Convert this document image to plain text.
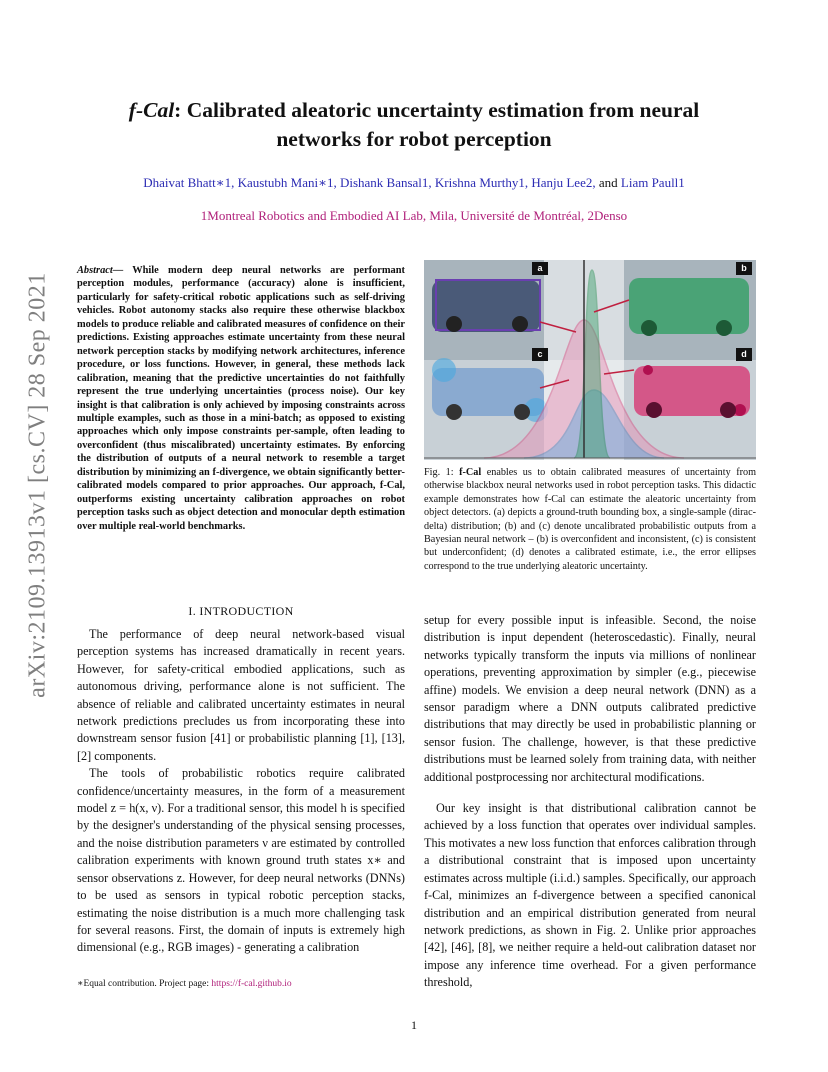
arXiv:2109.13913v1 [cs.CV] 28 Sep 2021
f-Cal: Calibrated aleatoric uncertainty estimation from neural networks for robot perception
Dhaivat Bhatt∗1, Kaustubh Mani∗1, Dishank Bansal1, Krishna Murthy1, Hanju Lee2, and Liam Paull1
1Montreal Robotics and Embodied AI Lab, Mila, Université de Montréal, 2Denso
Abstract— While modern deep neural networks are performant perception modules, performance (accuracy) alone is insufficient, particularly for safety-critical robotic applications such as self-driving vehicles. Robot autonomy stacks also require these otherwise blackbox models to produce reliable and calibrated measures of confidence on their predictions. Existing approaches estimate uncertainty from these neural network perception stacks by modifying network architectures, inference procedure, or loss functions. However, in general, these methods lack calibration, meaning that the predictive uncertainties do not faithfully represent the true underlying uncertainties (process noise). Our key insight is that calibration is only achieved by imposing constraints across multiple examples, such as those in a mini-batch; as opposed to existing approaches which only impose constraints per-sample, often leading to overconfident (thus miscalibrated) uncertainty estimates. By enforcing the distribution of outputs of a neural network to resemble a target distribution by minimizing an f-divergence, we obtain significantly better-calibrated models compared to prior approaches. Our approach, f-Cal, outperforms existing uncertainty calibration approaches on robot perception tasks such as object detection and monocular depth estimation over multiple real-world benchmarks.
a	b
c	d
Fig. 1: f-Cal enables us to obtain calibrated measures of uncertainty from otherwise blackbox neural networks used in robot perception tasks. This didactic example demonstrates how f-Cal can estimate the aleatoric uncertainty from object detectors. (a) depicts a ground-truth bounding box, a single-sample (dirac-delta) distribution; (b) and (c) denote uncalibrated probabilistic outputs from a Bayesian neural network – (b) is overconfident and inconsistent, (c) is consistent but underconfident; (d) denotes a calibrated estimate, i.e., the error ellipses correspond to the true underlying aleatoric uncertainty.
I. INTRODUCTION

The performance of deep neural network-based visual perception systems has increased dramatically in recent years. However, for safety-critical embodied applications, such as autonomous driving, performance alone is not sufficient. The absence of reliable and calibrated uncertainty estimates in neural network predictions precludes us from incorporating these into downstream sensor fusion [41] or probabilistic planning [1], [13], [2] components.

The tools of probabilistic robotics require calibrated confidence/uncertainty measures, in the form of a measurement model z = h(x, ν). For a traditional sensor, this model h is specified by the designer's understanding of the physical sensing processes, and the noise distribution parameters ν are estimated by controlled calibration experiments with known ground truth states x∗ and sensor observations z. However, for deep neural networks (DNNs) to be used as sensors in typical robotic perception stacks, estimating the noise distribution is a much more challenging task for several reasons. First, the domain of inputs is extremely high dimensional (e.g., RGB images) - generating a calibration

setup for every possible input is infeasible. Second, the noise distribution is input dependent (heteroscedastic). Finally, neural networks typically transform the inputs via millions of nonlinear operations, preventing approximation by simpler (e.g., piecewise affine) models. We envision a deep neural network (DNN) as a sensor paradigm where a DNN outputs calibrated predictive distributions that may directly be used in probabilistic planning or sensor fusion. The challenge, however, is that these predictive distributions must be learned solely from training data, with neither additional postprocessing nor architectural modifications.

Our key insight is that distributional calibration cannot be achieved by a loss function that operates over individual samples. This motivates a new loss function that enforces calibration through a distributional constraint that is imposed upon uncertainty estimates across multiple (i.i.d.) samples. Specifically, our approach f-Cal, minimizes an f-divergence between a specified canonical distribution and an empirical distribution generated from neural network predictions, as shown in Fig. 2. Unlike prior approaches [42], [46], [8], we neither require a held-out calibration dataset nor impose any inference time overhead. For a given performance threshold,

∗Equal contribution. Project page: https://f-cal.github.io
1
